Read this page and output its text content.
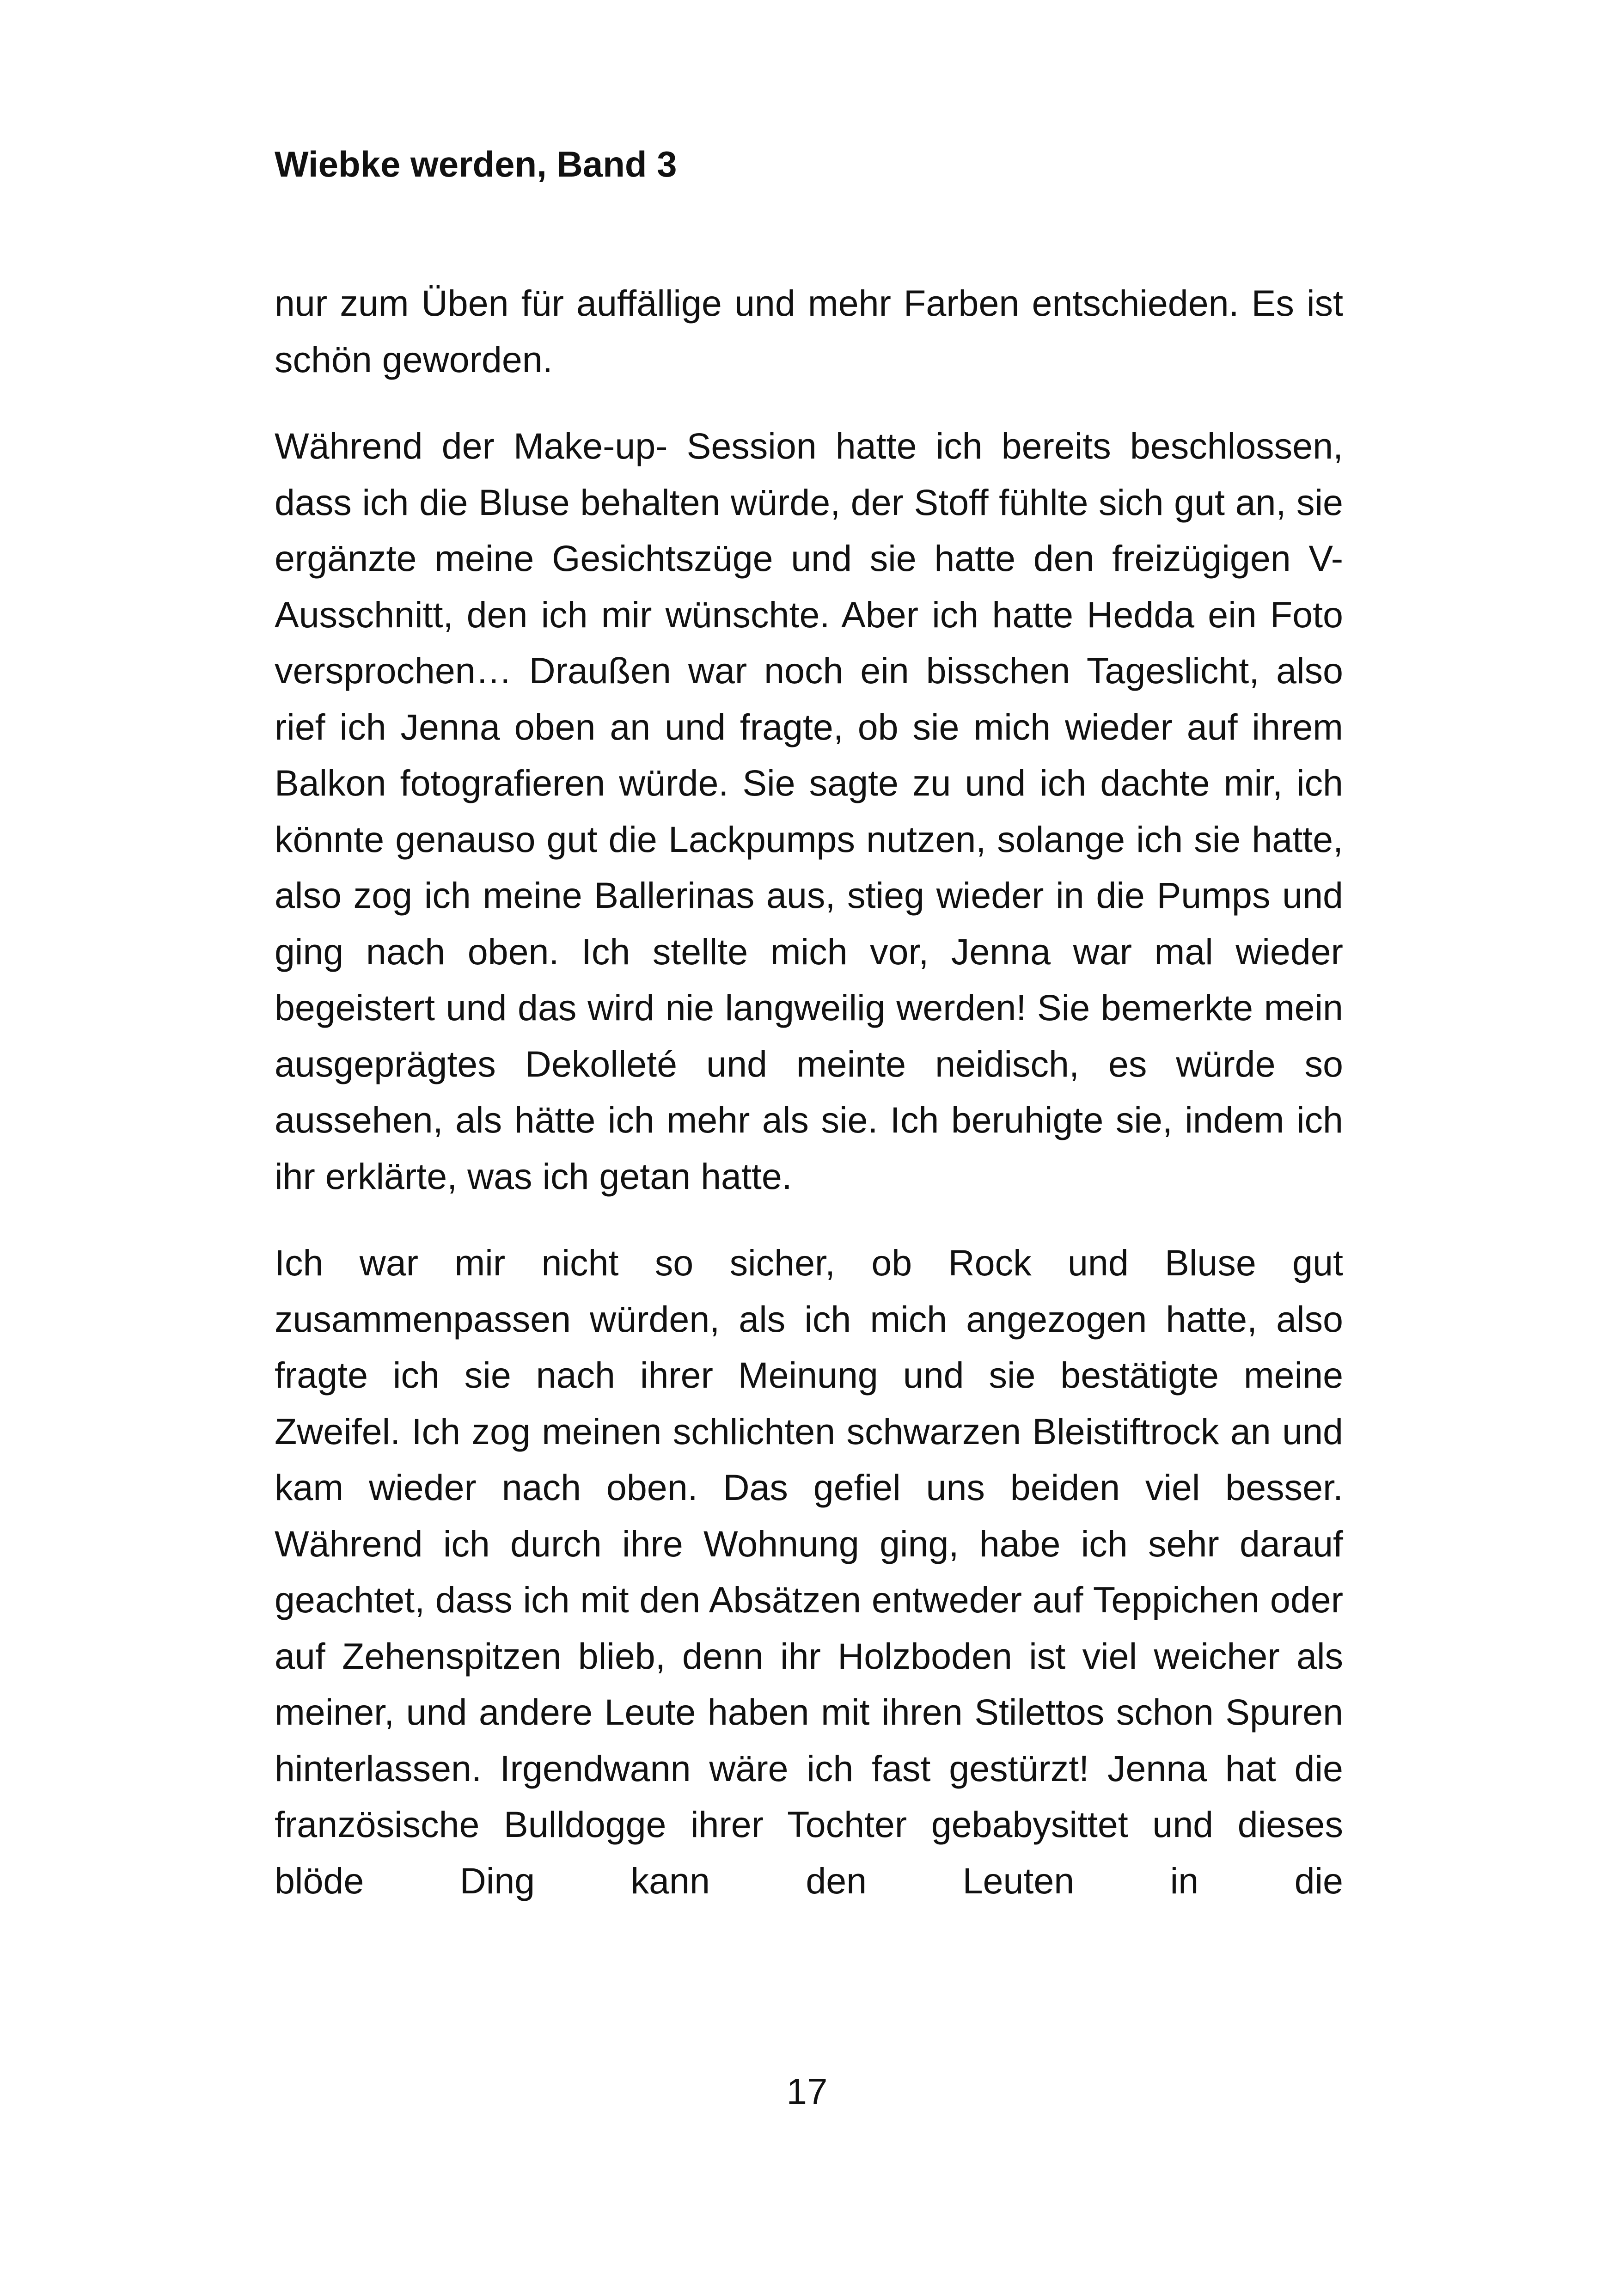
Wiebke werden, Band 3

nur zum Üben für auffällige und mehr Farben entschieden. Es ist schön geworden.

Während der Make-up- Session hatte ich bereits beschlossen, dass ich die Bluse behalten würde, der Stoff fühlte sich gut an, sie ergänzte meine Gesichtszüge und sie hatte den freizügigen V-Ausschnitt, den ich mir wünschte. Aber ich hatte Hedda ein Foto versprochen… Draußen war noch ein bisschen Tageslicht, also rief ich Jenna oben an und fragte, ob sie mich wieder auf ihrem Balkon fotografieren würde. Sie sagte zu und ich dachte mir, ich könnte genauso gut die Lackpumps nutzen, solange ich sie hatte, also zog ich meine Ballerinas aus, stieg wieder in die Pumps und ging nach oben. Ich stellte mich vor, Jenna war mal wieder begeistert und das wird nie langweilig werden! Sie bemerkte mein ausgeprägtes Dekolleté und meinte neidisch, es würde so aussehen, als hätte ich mehr als sie. Ich beruhigte sie, indem ich ihr erklärte, was ich getan hatte.

Ich war mir nicht so sicher, ob Rock und Bluse gut zusammenpassen würden, als ich mich angezogen hatte, also fragte ich sie nach ihrer Meinung und sie bestätigte meine Zweifel. Ich zog meinen schlichten schwarzen Bleistiftrock an und kam wieder nach oben. Das gefiel uns beiden viel besser. Während ich durch ihre Wohnung ging, habe ich sehr darauf geachtet, dass ich mit den Absätzen entweder auf Teppichen oder auf Zehenspitzen blieb, denn ihr Holzboden ist viel weicher als meiner, und andere Leute haben mit ihren Stilettos schon Spuren hinterlassen. Irgendwann wäre ich fast gestürzt! Jenna hat die französische Bulldogge ihrer Tochter gebabysittet und dieses blöde Ding kann den Leuten in die

17
